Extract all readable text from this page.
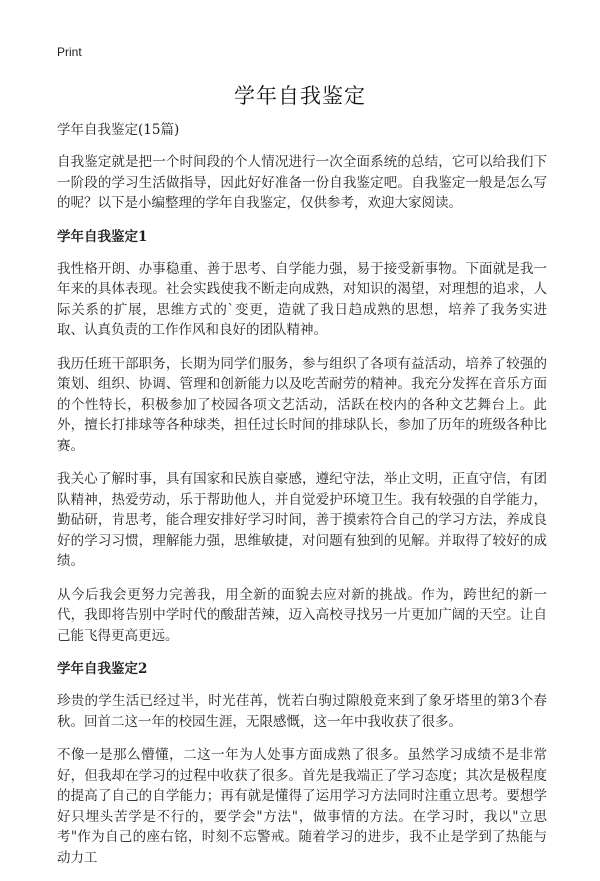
Print
学年自我鉴定
学年自我鉴定(15篇)

自我鉴定就是把一个时间段的个人情况进行一次全面系统的总结，它可以给我们下一阶段的学习生活做指导，因此好好准备一份自我鉴定吧。自我鉴定一般是怎么写的呢？以下是小编整理的学年自我鉴定，仅供参考，欢迎大家阅读。

学年自我鉴定1

我性格开朗、办事稳重、善于思考、自学能力强，易于接受新事物。下面就是我一年来的具体表现。社会实践使我不断走向成熟，对知识的渴望，对理想的追求，人际关系的扩展，思维方式的`变更，造就了我日趋成熟的思想，培养了我务实进取、认真负责的工作作风和良好的团队精神。

我历任班干部职务，长期为同学们服务，参与组织了各项有益活动，培养了较强的策划、组织、协调、管理和创新能力以及吃苦耐劳的精神。我充分发挥在音乐方面的个性特长，积极参加了校园各项文艺活动，活跃在校内的各种文艺舞台上。此外，擅长打排球等各种球类，担任过长时间的排球队长，参加了历年的班级各种比赛。

我关心了解时事，具有国家和民族自豪感，遵纪守法，举止文明，正直守信，有团队精神，热爱劳动，乐于帮助他人，并自觉爱护环境卫生。我有较强的自学能力，勤砧研，肯思考，能合理安排好学习时间，善于摸索符合自己的学习方法，养成良好的学习习惯，理解能力强，思维敏捷，对问题有独到的见解。并取得了较好的成绩。

从今后我会更努力完善我，用全新的面貌去应对新的挑战。作为，跨世纪的新一代，我即将告别中学时代的酸甜苦辣，迈入高校寻找另一片更加广阔的天空。让自己能飞得更高更远。

学年自我鉴定2

珍贵的学生活已经过半，时光荏苒，恍若白驹过隙般竟来到了象牙塔里的第3个春秋。回首二这一年的校园生涯，无限感慨，这一年中我收获了很多。

不像一是那么懵懂，二这一年为人处事方面成熟了很多。虽然学习成绩不是非常好，但我却在学习的过程中收获了很多。首先是我端正了学习态度；其次是极程度的提高了自己的自学能力；再有就是懂得了运用学习方法同时注重立思考。要想学好只埋头苦学是不行的，要学会"方法"，做事情的方法。在学习时，我以"立思考"作为自己的座右铭，时刻不忘警戒。随着学习的进步，我不止是学到了热能与动力工
